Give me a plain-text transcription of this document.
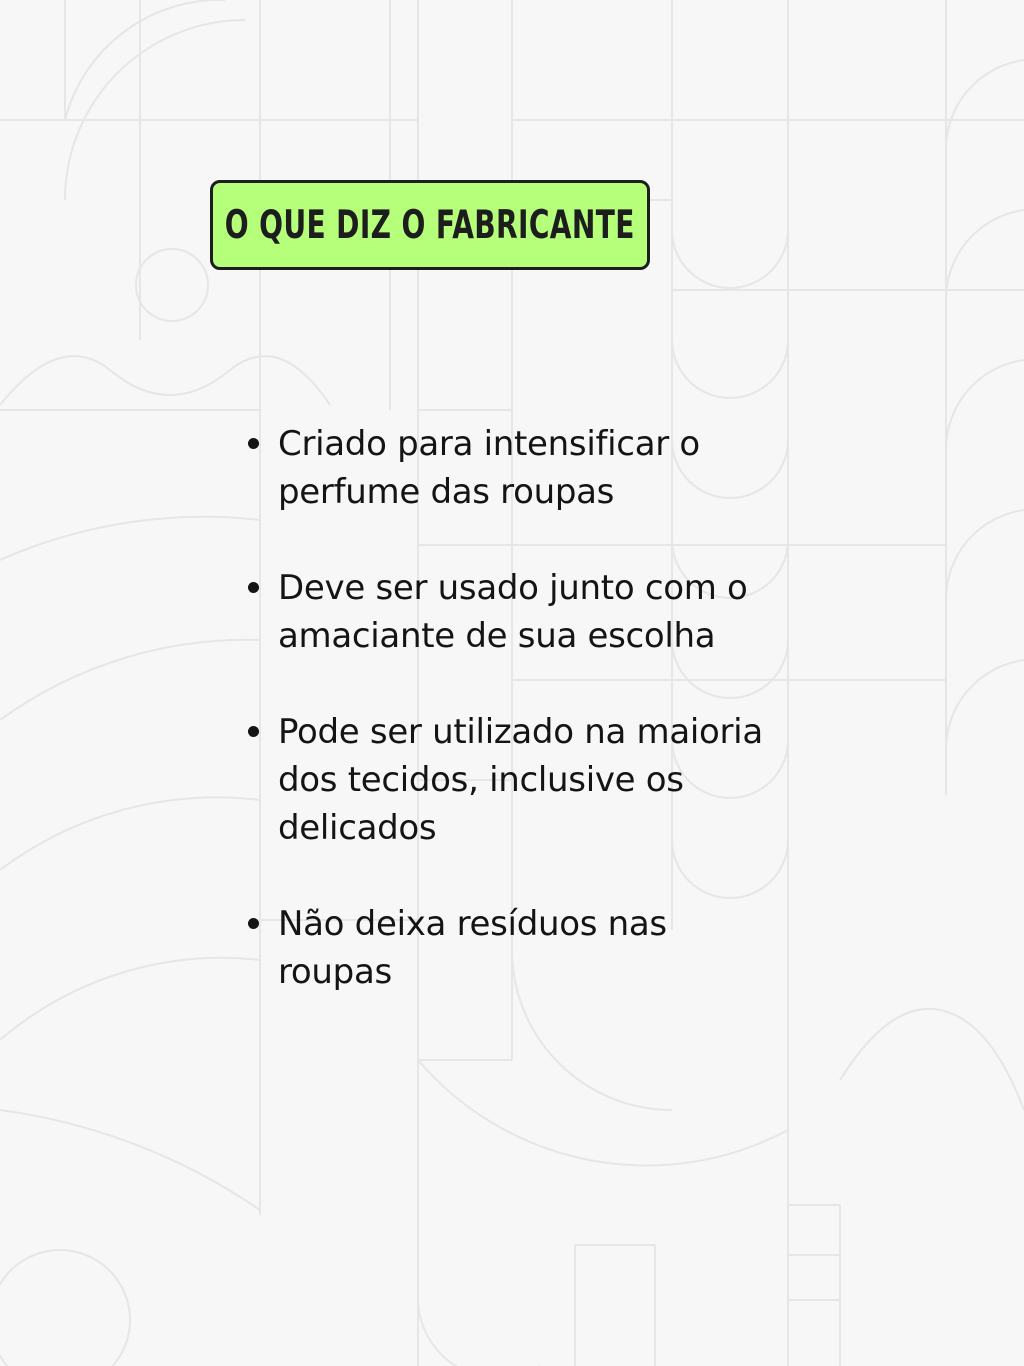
O QUE DIZ O FABRICANTE
Criado para intensificar o perfume das roupas
Deve ser usado junto com o amaciante de sua escolha
Pode ser utilizado na maioria dos tecidos, inclusive os delicados
Não deixa resíduos nas roupas
